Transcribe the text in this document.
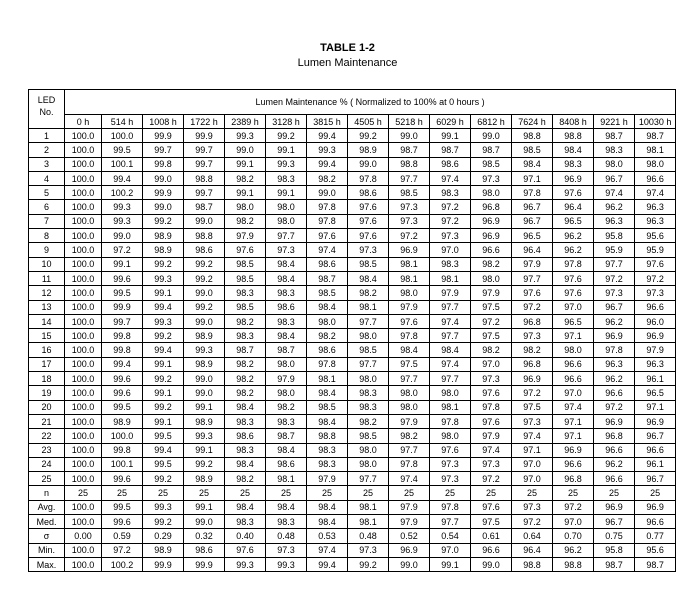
TABLE 1-2
Lumen Maintenance
LED
No.	Lumen Maintenance % ( Normalized to 100% at 0 hours )														
	0 h	514 h	1008 h	1722 h	2389 h	3128 h	3815 h	4505 h	5218 h	6029 h	6812 h	7624 h	8408 h	9221 h	10030 h
1	100.0	100.0	99.9	99.9	99.3	99.2	99.4	99.2	99.0	99.1	99.0	98.8	98.8	98.7	98.7
2	100.0	99.5	99.7	99.7	99.0	99.1	99.3	98.9	98.7	98.7	98.7	98.5	98.4	98.3	98.1
3	100.0	100.1	99.8	99.7	99.1	99.3	99.4	99.0	98.8	98.6	98.5	98.4	98.3	98.0	98.0
4	100.0	99.4	99.0	98.8	98.2	98.3	98.2	97.8	97.7	97.4	97.3	97.1	96.9	96.7	96.6
5	100.0	100.2	99.9	99.7	99.1	99.1	99.0	98.6	98.5	98.3	98.0	97.8	97.6	97.4	97.4
6	100.0	99.3	99.0	98.7	98.0	98.0	97.8	97.6	97.3	97.2	96.8	96.7	96.4	96.2	96.3
7	100.0	99.3	99.2	99.0	98.2	98.0	97.8	97.6	97.3	97.2	96.9	96.7	96.5	96.3	96.3
8	100.0	99.0	98.9	98.8	97.9	97.7	97.6	97.6	97.2	97.3	96.9	96.5	96.2	95.8	95.6
9	100.0	97.2	98.9	98.6	97.6	97.3	97.4	97.3	96.9	97.0	96.6	96.4	96.2	95.9	95.9
10	100.0	99.1	99.2	99.2	98.5	98.4	98.6	98.5	98.1	98.3	98.2	97.9	97.8	97.7	97.6
11	100.0	99.6	99.3	99.2	98.5	98.4	98.7	98.4	98.1	98.1	98.0	97.7	97.6	97.2	97.2
12	100.0	99.5	99.1	99.0	98.3	98.3	98.5	98.2	98.0	97.9	97.9	97.6	97.6	97.3	97.3
13	100.0	99.9	99.4	99.2	98.5	98.6	98.4	98.1	97.9	97.7	97.5	97.2	97.0	96.7	96.6
14	100.0	99.7	99.3	99.0	98.2	98.3	98.0	97.7	97.6	97.4	97.2	96.8	96.5	96.2	96.0
15	100.0	99.8	99.2	98.9	98.3	98.4	98.2	98.0	97.8	97.7	97.5	97.3	97.1	96.9	96.9
16	100.0	99.8	99.4	99.3	98.7	98.7	98.6	98.5	98.4	98.4	98.2	98.2	98.0	97.8	97.9
17	100.0	99.4	99.1	98.9	98.2	98.0	97.8	97.7	97.5	97.4	97.0	96.8	96.6	96.3	96.3
18	100.0	99.6	99.2	99.0	98.2	97.9	98.1	98.0	97.7	97.7	97.3	96.9	96.6	96.2	96.1
19	100.0	99.6	99.1	99.0	98.2	98.0	98.4	98.3	98.0	98.0	97.6	97.2	97.0	96.6	96.5
20	100.0	99.5	99.2	99.1	98.4	98.2	98.5	98.3	98.0	98.1	97.8	97.5	97.4	97.2	97.1
21	100.0	98.9	99.1	98.9	98.3	98.3	98.4	98.2	97.9	97.8	97.6	97.3	97.1	96.9	96.9
22	100.0	100.0	99.5	99.3	98.6	98.7	98.8	98.5	98.2	98.0	97.9	97.4	97.1	96.8	96.7
23	100.0	99.8	99.4	99.1	98.3	98.4	98.3	98.0	97.7	97.6	97.4	97.1	96.9	96.6	96.6
24	100.0	100.1	99.5	99.2	98.4	98.6	98.3	98.0	97.8	97.3	97.3	97.0	96.6	96.2	96.1
25	100.0	99.6	99.2	98.9	98.2	98.1	97.9	97.7	97.4	97.3	97.2	97.0	96.8	96.6	96.7
n	25	25	25	25	25	25	25	25	25	25	25	25	25	25	25
Avg.	100.0	99.5	99.3	99.1	98.4	98.4	98.4	98.1	97.9	97.8	97.6	97.3	97.2	96.9	96.9
Med.	100.0	99.6	99.2	99.0	98.3	98.3	98.4	98.1	97.9	97.7	97.5	97.2	97.0	96.7	96.6
σ	0.00	0.59	0.29	0.32	0.40	0.48	0.53	0.48	0.52	0.54	0.61	0.64	0.70	0.75	0.77
Min.	100.0	97.2	98.9	98.6	97.6	97.3	97.4	97.3	96.9	97.0	96.6	96.4	96.2	95.8	95.6
Max.	100.0	100.2	99.9	99.9	99.3	99.3	99.4	99.2	99.0	99.1	99.0	98.8	98.8	98.7	98.7
